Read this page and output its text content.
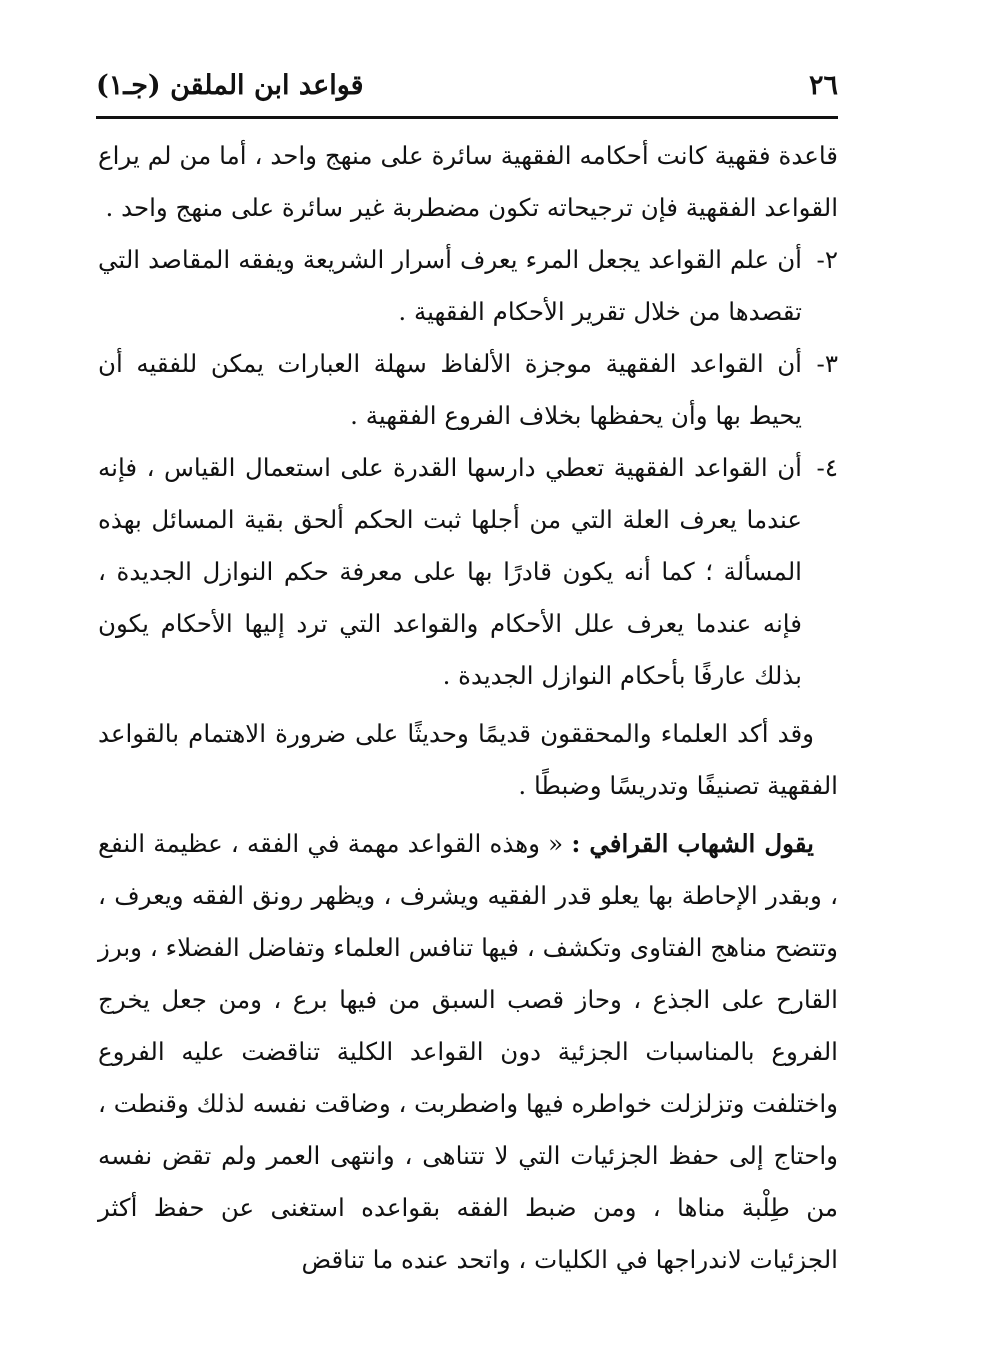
٢٦
قواعد ابن الملقن (جـ١)

قاعدة فقهية كانت أحكامه الفقهية سائرة على منهج واحد ، أما من لم يراع القواعد الفقهية فإن ترجيحاته تكون مضطربة غير سائرة على منهج واحد .

٢-
أن علم القواعد يجعل المرء يعرف أسرار الشريعة ويفقه المقاصد التي تقصدها من خلال تقرير الأحكام الفقهية .

٣-
أن القواعد الفقهية موجزة الألفاظ سهلة العبارات يمكن للفقيه أن يحيط بها وأن يحفظها بخلاف الفروع الفقهية .

٤-
أن القواعد الفقهية تعطي دارسها القدرة على استعمال القياس ، فإنه عندما يعرف العلة التي من أجلها ثبت الحكم ألحق بقية المسائل بهذه المسألة ؛ كما أنه يكون قادرًا بها على معرفة حكم النوازل الجديدة ، فإنه عندما يعرف علل الأحكام والقواعد التي ترد إليها الأحكام يكون بذلك عارفًا بأحكام النوازل الجديدة .

وقد أكد العلماء والمحققون قديمًا وحديثًا على ضرورة الاهتمام بالقواعد الفقهية تصنيفًا وتدريسًا وضبطًا .

يقول الشهاب القرافي : « وهذه القواعد مهمة في الفقه ، عظيمة النفع ، وبقدر الإحاطة بها يعلو قدر الفقيه ويشرف ، ويظهر رونق الفقه ويعرف ، وتتضح مناهج الفتاوى وتكشف ، فيها تنافس العلماء وتفاضل الفضلاء ، وبرز القارح على الجذع ، وحاز قصب السبق من فيها برع ، ومن جعل يخرج الفروع بالمناسبات الجزئية دون القواعد الكلية تناقضت عليه الفروع واختلفت وتزلزلت خواطره فيها واضطربت ، وضاقت نفسه لذلك وقنطت ، واحتاج إلى حفظ الجزئيات التي لا تتناهى ، وانتهى العمر ولم تقض نفسه من طِلْبة مناها ، ومن ضبط الفقه بقواعده استغنى عن حفظ أكثر الجزئيات لاندراجها في الكليات ، واتحد عنده ما تناقض
